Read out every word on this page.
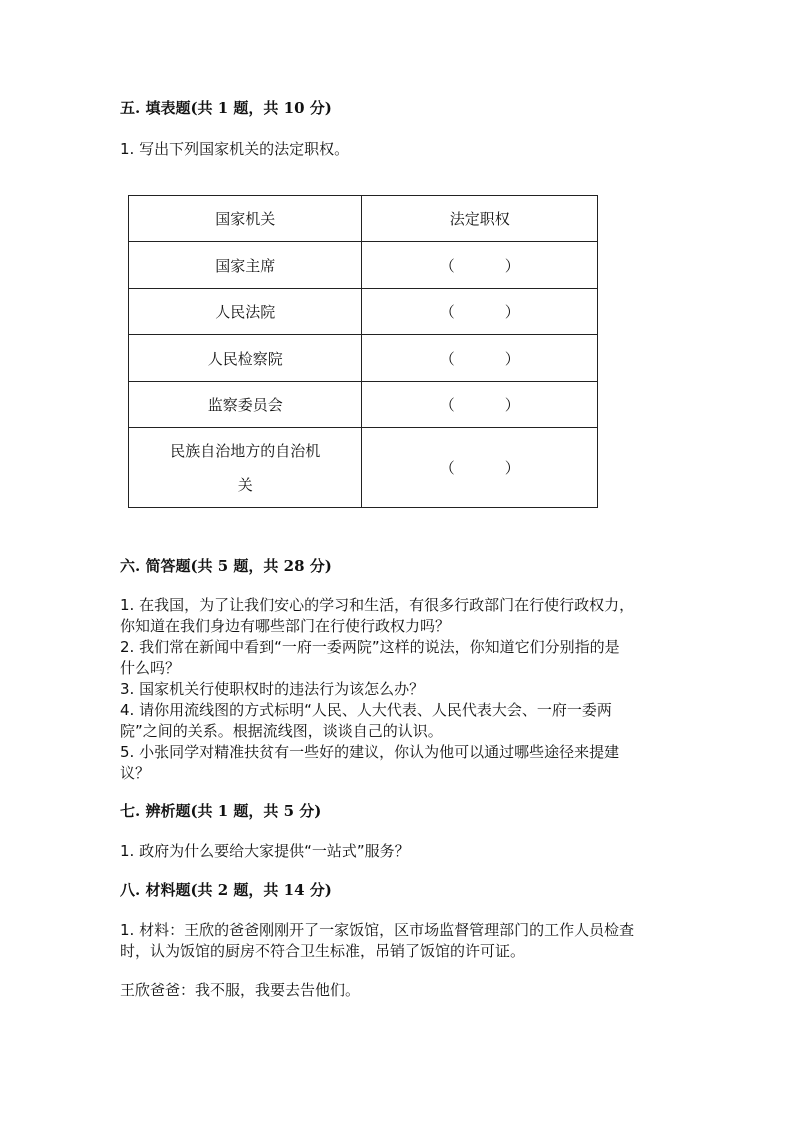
五. 填表题(共 1 题，共 10 分)

1. 写出下列国家机关的法定职权。

国家机关	法定职权
国家主席	（ ）
人民法院	（ ）
人民检察院	（ ）
监察委员会	（ ）

民族自治地方的自治机
关	（ ）
六. 简答题(共 5 题，共 28 分)
1. 在我国，为了让我们安心的学习和生活，有很多行政部门在行使行政权力，
你知道在我们身边有哪些部门在行使行政权力吗？
2. 我们常在新闻中看到“一府一委两院”这样的说法，你知道它们分别指的是
什么吗？
3. 国家机关行使职权时的违法行为该怎么办？
4. 请你用流线图的方式标明“人民、人大代表、人民代表大会、一府一委两
院”之间的关系。根据流线图，谈谈自己的认识。
5. 小张同学对精准扶贫有一些好的建议，你认为他可以通过哪些途径来提建
议？
七. 辨析题(共 1 题，共 5 分)
1. 政府为什么要给大家提供“一站式”服务？
八. 材料题(共 2 题，共 14 分)
1. 材料：王欣的爸爸刚刚开了一家饭馆，区市场监督管理部门的工作人员检查
时，认为饭馆的厨房不符合卫生标准，吊销了饭馆的许可证。
王欣爸爸：我不服，我要去告他们。
